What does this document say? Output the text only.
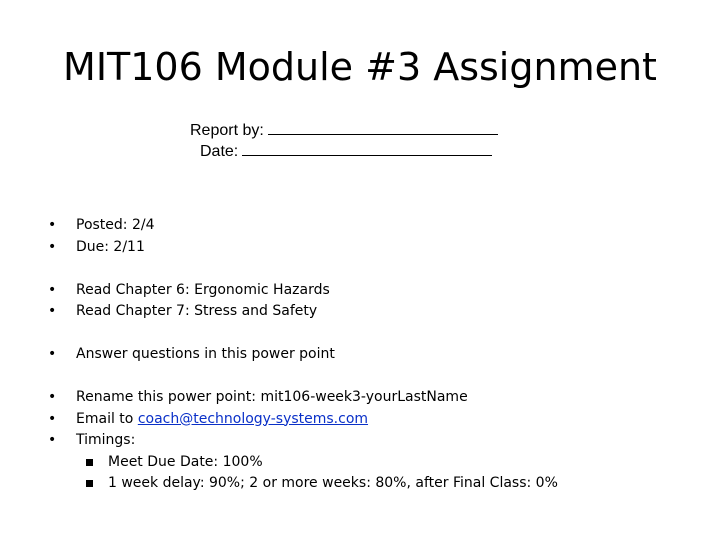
MIT106 Module #3 Assignment
Report by:
Date:
• Posted: 2/4
• Due: 2/11
• Read Chapter 6: Ergonomic Hazards
• Read Chapter 7: Stress and Safety
• Answer questions in this power point
• Rename this power point: mit106-week3-yourLastName
• Email to coach@technology-systems.com
• Timings:
Meet Due Date: 100%
1 week delay: 90%; 2 or more weeks: 80%, after Final Class: 0%
